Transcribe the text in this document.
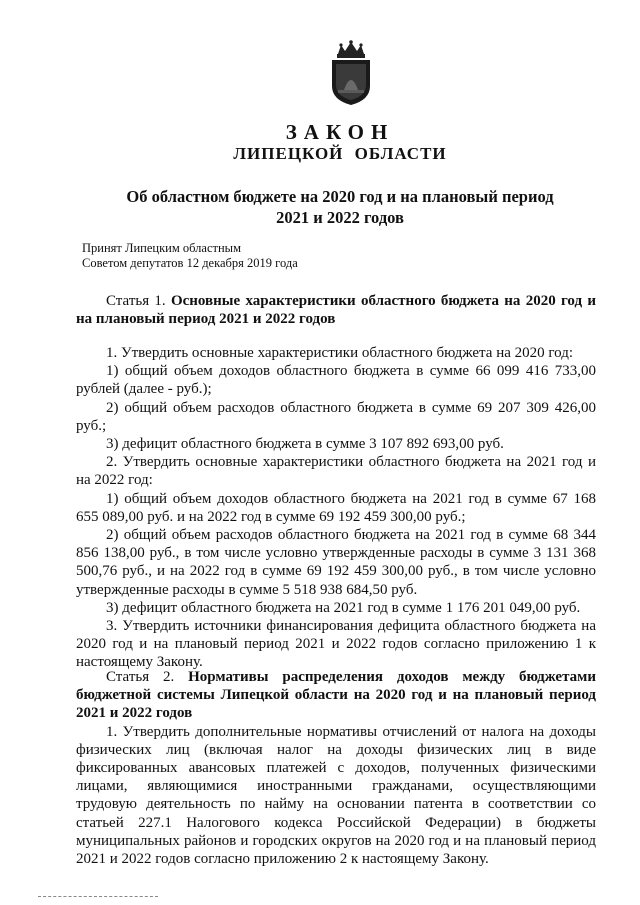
ЗАКОН
ЛИПЕЦКОЙ ОБЛАСТИ
Об областном бюджете на 2020 год и на плановый период
2021 и 2022 годов
Принят Липецким областным
Советом депутатов 12 декабря 2019 года

Статья 1. Основные характеристики областного бюджета на 2020 год и на плановый период 2021 и 2022 годов

1. Утвердить основные характеристики областного бюджета на 2020 год:

1) общий объем доходов областного бюджета в сумме 66 099 416 733,00 рублей (далее - руб.);

2) общий объем расходов областного бюджета в сумме 69 207 309 426,00 руб.;

3) дефицит областного бюджета в сумме 3 107 892 693,00 руб.

2. Утвердить основные характеристики областного бюджета на 2021 год и на 2022 год:

1) общий объем доходов областного бюджета на 2021 год в сумме 67 168 655 089,00 руб. и на 2022 год в сумме 69 192 459 300,00 руб.;

2) общий объем расходов областного бюджета на 2021 год в сумме 68 344 856 138,00 руб., в том числе условно утвержденные расходы в сумме 3 131 368 500,76 руб., и на 2022 год в сумме 69 192 459 300,00 руб., в том числе условно утвержденные расходы в сумме 5 518 938 684,50 руб.

3) дефицит областного бюджета на 2021 год в сумме 1 176 201 049,00 руб.

3. Утвердить источники финансирования дефицита областного бюджета на 2020 год и на плановый период 2021 и 2022 годов согласно приложению 1 к настоящему Закону.

Статья 2. Нормативы распределения доходов между бюджетами бюджетной системы Липецкой области на 2020 год и на плановый период 2021 и 2022 годов

1. Утвердить дополнительные нормативы отчислений от налога на доходы физических лиц (включая налог на доходы физических лиц в виде фиксированных авансовых платежей с доходов, полученных физическими лицами, являющимися иностранными гражданами, осуществляющими трудовую деятельность по найму на основании патента в соответствии со статьей 227.1 Налогового кодекса Российской Федерации) в бюджеты муниципальных районов и городских округов на 2020 год и на плановый период 2021 и 2022 годов согласно приложению 2 к настоящему Закону.
